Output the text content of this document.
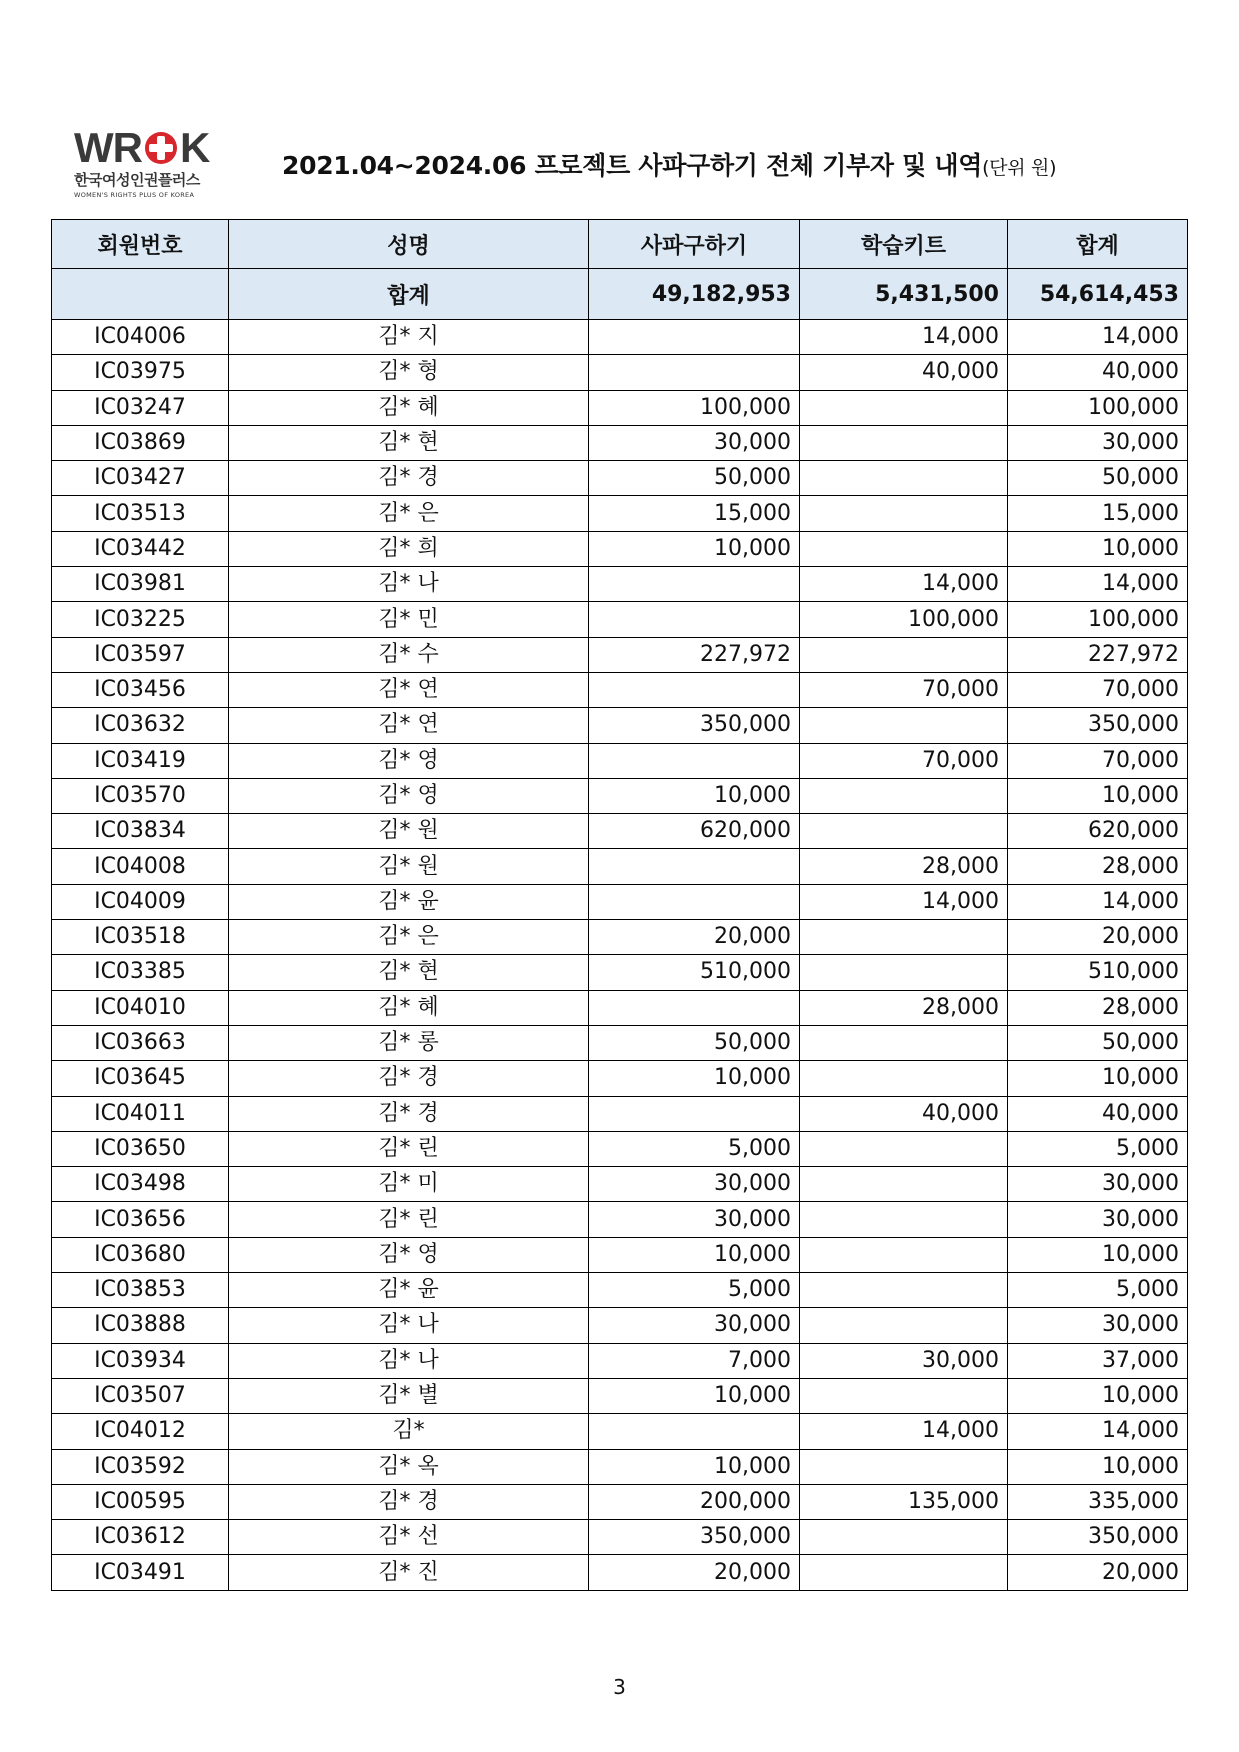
WR K
한국여성인권플러스
WOMEN'S RIGHTS PLUS OF KOREA
2021.04~2024.06 프로젝트 사파구하기 전체 기부자 및 내역(단위 원)
회원번호	성명	사파구하기	학습키트	합계
	합계	49,182,953	5,431,500	54,614,453
IC04006	김* 지		14,000	14,000
IC03975	김* 형		40,000	40,000
IC03247	김* 혜	100,000		100,000
IC03869	김* 현	30,000		30,000
IC03427	김* 경	50,000		50,000
IC03513	김* 은	15,000		15,000
IC03442	김* 희	10,000		10,000
IC03981	김* 나		14,000	14,000
IC03225	김* 민		100,000	100,000
IC03597	김* 수	227,972		227,972
IC03456	김* 연		70,000	70,000
IC03632	김* 연	350,000		350,000
IC03419	김* 영		70,000	70,000
IC03570	김* 영	10,000		10,000
IC03834	김* 원	620,000		620,000
IC04008	김* 원		28,000	28,000
IC04009	김* 윤		14,000	14,000
IC03518	김* 은	20,000		20,000
IC03385	김* 현	510,000		510,000
IC04010	김* 혜		28,000	28,000
IC03663	김* 롱	50,000		50,000
IC03645	김* 경	10,000		10,000
IC04011	김* 경		40,000	40,000
IC03650	김* 린	5,000		5,000
IC03498	김* 미	30,000		30,000
IC03656	김* 린	30,000		30,000
IC03680	김* 영	10,000		10,000
IC03853	김* 윤	5,000		5,000
IC03888	김* 나	30,000		30,000
IC03934	김* 나	7,000	30,000	37,000
IC03507	김* 별	10,000		10,000
IC04012	김*		14,000	14,000
IC03592	김* 옥	10,000		10,000
IC00595	김* 경	200,000	135,000	335,000
IC03612	김* 선	350,000		350,000
IC03491	김* 진	20,000		20,000
3
